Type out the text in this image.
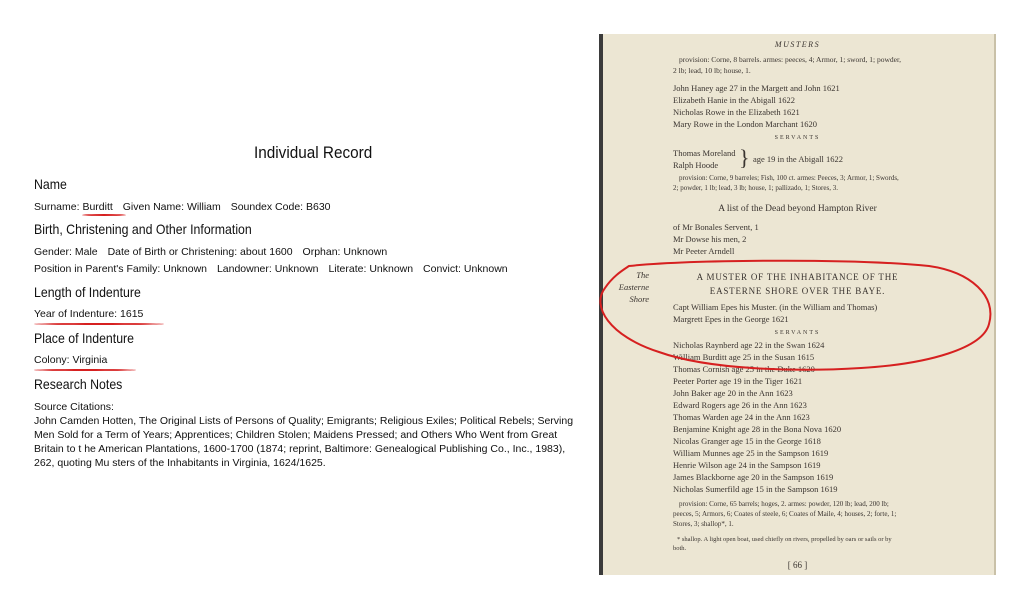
Individual Record
Name
Surname: Burditt Given Name: William Soundex Code: B630
Birth, Christening and Other Information
Gender: Male Date of Birth or Christening: about 1600 Orphan: Unknown
Position in Parent's Family: Unknown Landowner: Unknown Literate: Unknown Convict: Unknown
Length of Indenture
Year of Indenture: 1615
Place of Indenture
Colony: Virginia
Research Notes
Source Citations:
John Camden Hotten, The Original Lists of Persons of Quality; Emigrants; Religious Exiles; Political Rebels; Serving Men Sold for a Term of Years; Apprentices; Children Stolen; Maidens Pressed; and Others Who Went from Great Britain to t he American Plantations, 1600-1700 (1874; reprint, Baltimore: Genealogical Publishing Co., Inc., 1983), 262, quoting Mu sters of the Inhabitants in Virginia, 1624/1625.
MUSTERS
provision: Corne, 8 barrels. armes: peeces, 4; Armor, 1; sword, 1; powder,
2 lb; lead, 10 lb; house, 1.
John Haney age 27 in the Margett and John 1621
Elizabeth Hanie in the Abigall 1622
Nicholas Rowe in the Elizabeth 1621
Mary Rowe in the London Marchant 1620
SERVANTS
Thomas Moreland
Ralph Hoode } age 19 in the Abigall 1622
provision: Corne, 9 barreles; Fish, 100 ct. armes: Peeces, 3; Armor, 1; Swords,
2; powder, 1 lb; lead, 3 lb; house, 1; pallizado, 1; Stores, 3.
A list of the Dead beyond Hampton River
of Mr Bonales Servent, 1
Mr Dowse his men, 2
Mr Peeter Arndell
The
Easterne
Shore
A MUSTER OF THE INHABITANCE OF THE
EASTERNE SHORE OVER THE BAYE.
Capt William Epes his Muster. (in the William and Thomas)
Margrett Epes in the George 1621
SERVANTS
Nicholas Raynberd age 22 in the Swan 1624
William Burditt age 25 in the Susan 1615
Thomas Cornish age 25 in the Duke 1620
Peeter Porter age 19 in the Tiger 1621
John Baker age 20 in the Ann 1623
Edward Rogers age 26 in the Ann 1623
Thomas Warden age 24 in the Ann 1623
Benjamine Knight age 28 in the Bona Nova 1620
Nicolas Granger age 15 in the George 1618
William Munnes age 25 in the Sampson 1619
Henrie Wilson age 24 in the Sampson 1619
James Blackborne age 20 in the Sampson 1619
Nicholas Sumerfild age 15 in the Sampson 1619
provision: Corne, 65 barrels; hoges, 2. armes: powder, 120 lb; lead, 200 lb;
peeces, 5; Armors, 6; Coates of steele, 6; Coates of Maile, 4; houses, 2; forte, 1;
Stores, 3; shallop*, 1.
* shallop. A light open boat, used chiefly on rivers, propelled by oars or sails or by
both.
[ 66 ]
